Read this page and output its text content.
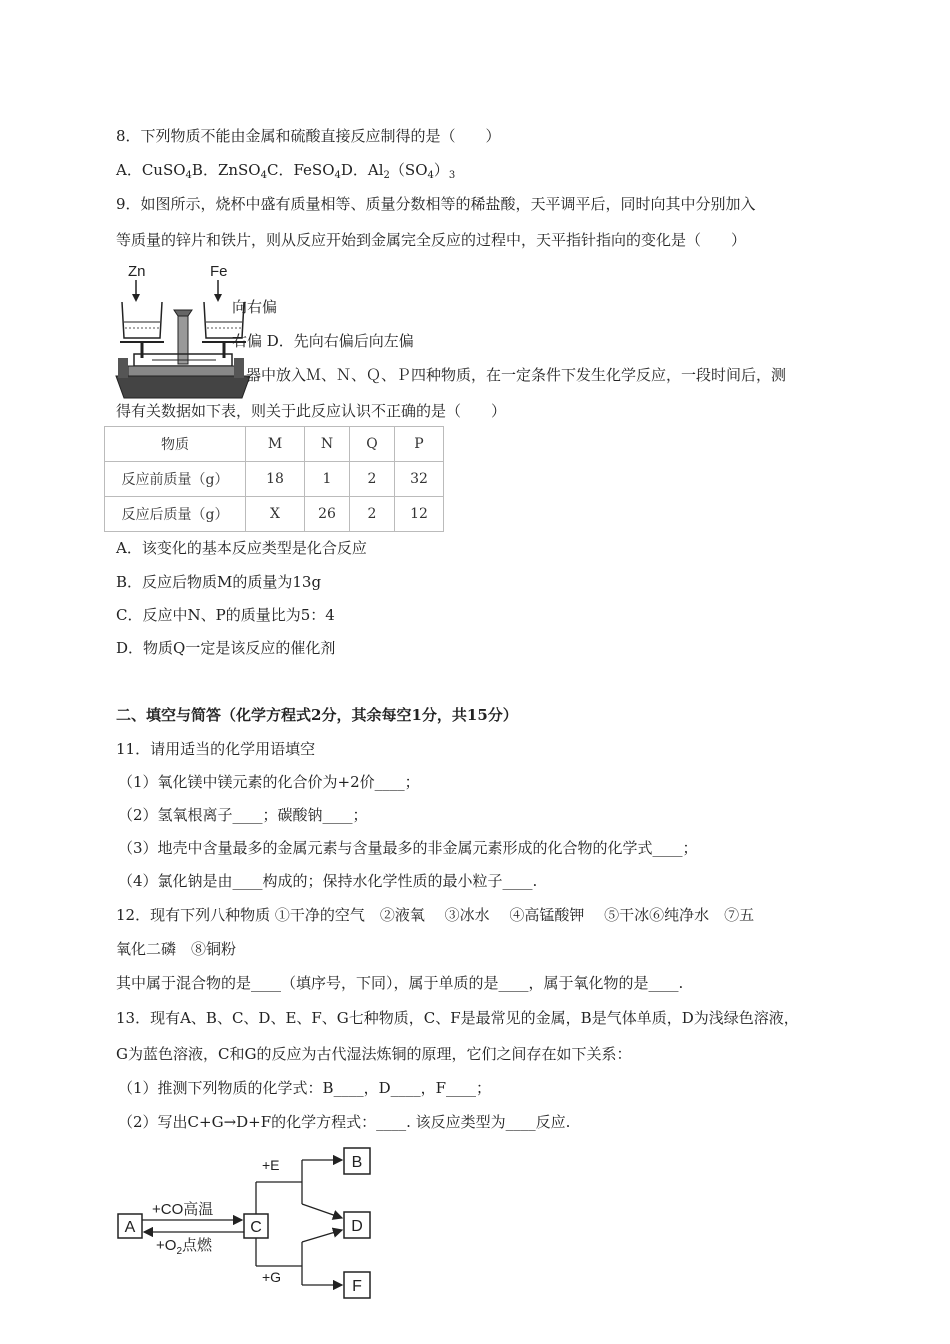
8．下列物质不能由金属和硫酸直接反应制得的是（　　）
A．CuSO$_4$B．ZnSO$_4$C．FeSO$_4$D．$Al_2(SO_4)_3$
9．如图所示，烧杯中盛有质量相等、质量分数相等的稀盐酸，天平调平后，同时向其中分别加入
等质量的锌片和铁片，则从反应开始到金属完全反应的过程中，天平指针指向的变化是（　　）
Zn	Fe
向右偏
右偏 D．先向右偏后向左偏
器中放入Ｍ、Ｎ、Ｑ、Ｐ四种物质，在一定条件下发生化学反应，一段时间后，测
得有关数据如下表，则关于此反应认识不正确的是（　　）
物质	M	N	Q	P
反应前质量（g）	18	1	2	32
反应后质量（g）	X	26	2	12
A．该变化的基本反应类型是化合反应
B．反应后物质M的质量为13g
C．反应中N、P的质量比为5：4
D．物质Q一定是该反应的催化剂
二、填空与简答（化学方程式2分，其余每空1分，共15分）
11．请用适当的化学用语填空
（1）氧化镁中镁元素的化合价为+2价____；
（2）氢氧根离子____；碳酸钠____；
（3）地壳中含量最多的金属元素与含量最多的非金属元素形成的化合物的化学式____；
（4）氯化钠是由____构成的；保持水化学性质的最小粒子____.
12．现有下列八种物质 ①干净的空气　②液氧　 ③冰水　 ④高锰酸钾　 ⑤干冰⑥纯净水　⑦五
氧化二磷　⑧铜粉
其中属于混合物的是____（填序号，下同），属于单质的是____，属于氧化物的是____.
13．现有A、B、C、D、E、F、G七种物质，C、F是最常见的金属，B是气体单质，D为浅绿色溶液，
G为蓝色溶液，C和G的反应为古代湿法炼铜的原理，它们之间存在如下关系：
（1）推测下列物质的化学式：B____，D____，F____；
（2）写出C+G→D+F的化学方程式：____. 该反应类型为____反应.
A	C
B
D
F
+CO高温
$+O_2$点燃
+E
+G
